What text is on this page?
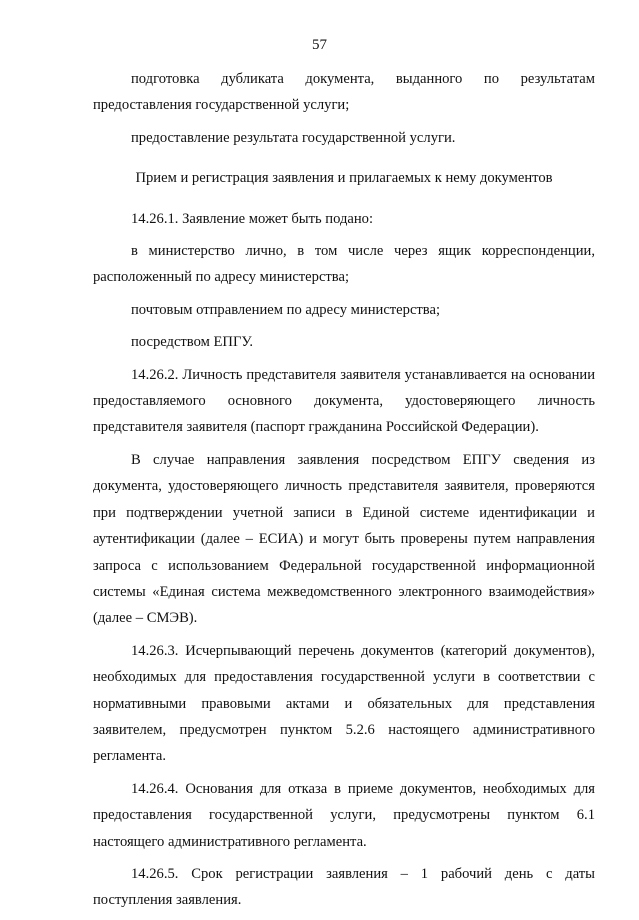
57

подготовка дубликата документа, выданного по результатам предоставления государственной услуги;

предоставление результата государственной услуги.

Прием и регистрация заявления и прилагаемых к нему документов

14.26.1. Заявление может быть подано:

в министерство лично, в том числе через ящик корреспонденции, расположенный по адресу министерства;

почтовым отправлением по адресу министерства;

посредством ЕПГУ.

14.26.2. Личность представителя заявителя устанавливается на основании предоставляемого основного документа, удостоверяющего личность представителя заявителя (паспорт гражданина Российской Федерации).

В случае направления заявления посредством ЕПГУ сведения из документа, удостоверяющего личность представителя заявителя, проверяются при подтверждении учетной записи в Единой системе идентификации и аутентификации (далее – ЕСИА) и могут быть проверены путем направления запроса с использованием Федеральной государственной информационной системы «Единая система межведомственного электронного взаимодействия» (далее – СМЭВ).

14.26.3. Исчерпывающий перечень документов (категорий документов), необходимых для предоставления государственной услуги в соответствии с нормативными правовыми актами и обязательных для представления заявителем, предусмотрен пунктом 5.2.6 настоящего административного регламента.

14.26.4. Основания для отказа в приеме документов, необходимых для предоставления государственной услуги, предусмотрены пунктом 6.1 настоящего административного регламента.

14.26.5. Срок регистрации заявления – 1 рабочий день с даты поступления заявления.
